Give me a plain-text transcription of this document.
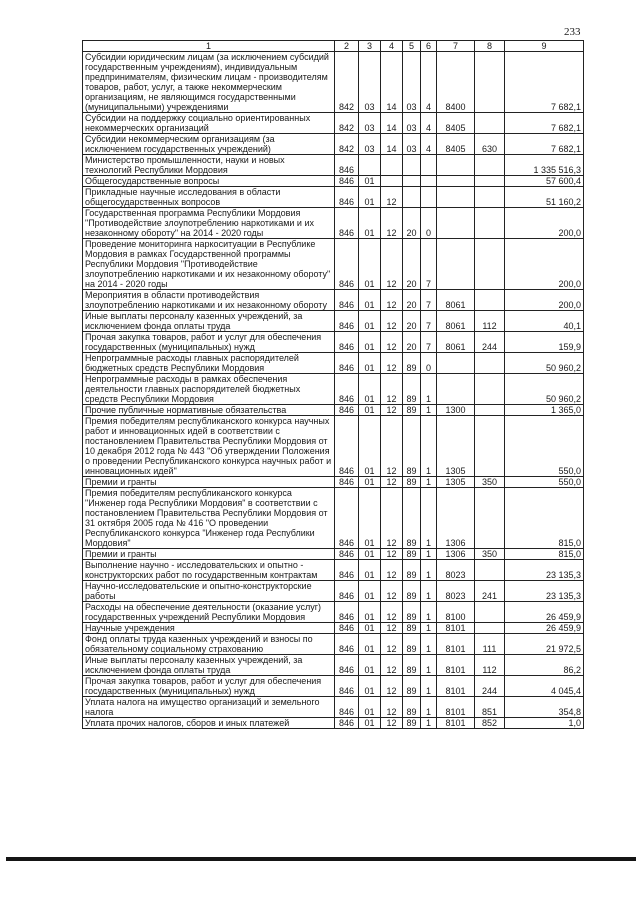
233
1	2	3	4	5	6	7	8	9
Субсидии юридическим лицам (за исключением субсидий государственным учреждениям), индивидуальным предпринимателям, физическим лицам - производителям товаров, работ, услуг, а также некоммерческим организациям, не являющимся государственными (муниципальными) учреждениями	842	03	14	03	4	8400		7 682,1
Субсидии на поддержку социально ориентированных некоммерческих организаций	842	03	14	03	4	8405		7 682,1
Субсидии некоммерческим организациям (за исключением государственных учреждений)	842	03	14	03	4	8405	630	7 682,1
Министерство промышленности, науки и новых технологий Республики Мордовия	846							1 335 516,3
Общегосударственные вопросы	846	01						57 600,4
Прикладные научные исследования в области общегосударственных вопросов	846	01	12					51 160,2
Государственная программа Республики Мордовия "Противодействие злоупотреблению наркотиками и их незаконному обороту" на 2014 - 2020 годы	846	01	12	20	0			200,0
Проведение мониторинга наркоситуации в Республике Мордовия в рамках Государственной программы Республики Мордовия "Противодействие злоупотреблению наркотиками и их незаконному обороту" на 2014 - 2020 годы	846	01	12	20	7			200,0
Мероприятия в области противодействия злоупотреблению наркотиками и их незаконному обороту	846	01	12	20	7	8061		200,0
Иные выплаты персоналу казенных учреждений, за исключением фонда оплаты труда	846	01	12	20	7	8061	112	40,1
Прочая закупка товаров, работ и услуг для обеспечения государственных (муниципальных) нужд	846	01	12	20	7	8061	244	159,9
Непрограммные расходы главных распорядителей бюджетных средств Республики Мордовия	846	01	12	89	0			50 960,2
Непрограммные расходы в рамках обеспечения деятельности главных распорядителей бюджетных средств Республики Мордовия	846	01	12	89	1			50 960,2
Прочие публичные нормативные обязательства	846	01	12	89	1	1300		1 365,0
Премия победителям республиканского конкурса научных работ и инновационных идей в соответствии с постановлением Правительства Республики Мордовия от 10 декабря 2012 года № 443 "Об утверждении Положения о проведении Республиканского конкурса научных работ и инновационных идей"	846	01	12	89	1	1305		550,0
Премии и гранты	846	01	12	89	1	1305	350	550,0
Премия победителям республиканского конкурса "Инженер года Республики Мордовия" в соответствии с постановлением Правительства Республики Мордовия от 31 октября 2005 года № 416 "О проведении Республиканского конкурса "Инженер года Республики Мордовия"	846	01	12	89	1	1306		815,0
Премии и гранты	846	01	12	89	1	1306	350	815,0
Выполнение научно - исследовательских и опытно - конструкторских работ по государственным контрактам	846	01	12	89	1	8023		23 135,3
Научно-исследовательские и опытно-конструкторские работы	846	01	12	89	1	8023	241	23 135,3
Расходы на обеспечение деятельности (оказание услуг) государственных учреждений Республики Мордовия	846	01	12	89	1	8100		26 459,9
Научные учреждения	846	01	12	89	1	8101		26 459,9
Фонд оплаты труда казенных учреждений и взносы по обязательному социальному страхованию	846	01	12	89	1	8101	111	21 972,5
Иные выплаты персоналу казенных учреждений, за исключением фонда оплаты труда	846	01	12	89	1	8101	112	86,2
Прочая закупка товаров, работ и услуг для обеспечения государственных (муниципальных) нужд	846	01	12	89	1	8101	244	4 045,4
Уплата налога на имущество организаций и земельного налога	846	01	12	89	1	8101	851	354,8
Уплата прочих налогов, сборов и иных платежей	846	01	12	89	1	8101	852	1,0
